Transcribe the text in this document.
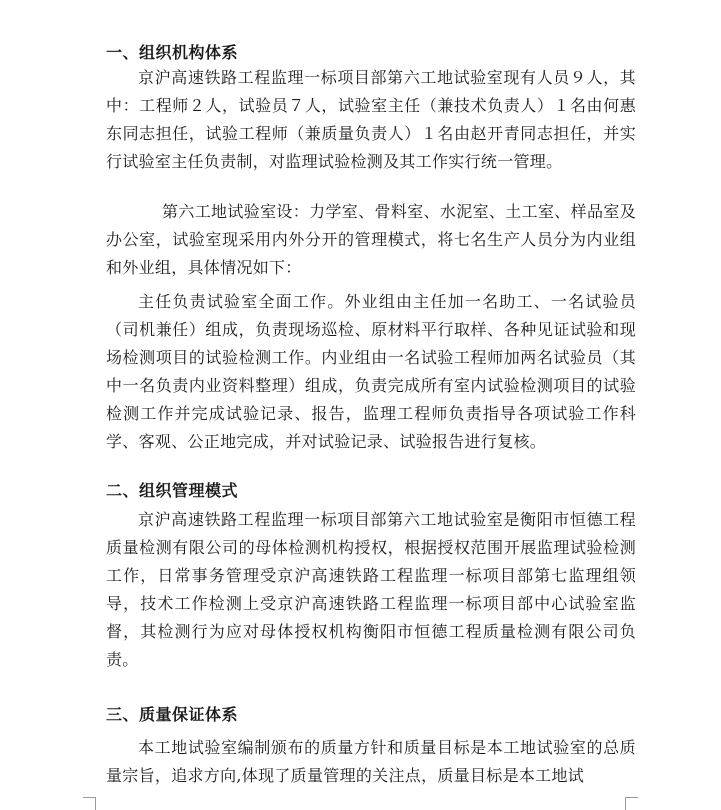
一、组织机构体系
京沪高速铁路工程监理一标项目部第六工地试验室现有人员９人，其中：工程师２人，试验员７人，试验室主任（兼技术负责人）１名由何惠东同志担任，试验工程师（兼质量负责人）１名由赵开青同志担任，并实行试验室主任负责制，对监理试验检测及其工作实行统一管理。
第六工地试验室设：力学室、骨料室、水泥室、土工室、样品室及办公室，试验室现采用内外分开的管理模式，将七名生产人员分为内业组和外业组，具体情况如下：
主任负责试验室全面工作。外业组由主任加一名助工、一名试验员（司机兼任）组成，负责现场巡检、原材料平行取样、各种见证试验和现场检测项目的试验检测工作。内业组由一名试验工程师加两名试验员（其中一名负责内业资料整理）组成，负责完成所有室内试验检测项目的试验检测工作并完成试验记录、报告，监理工程师负责指导各项试验工作科学、客观、公正地完成，并对试验记录、试验报告进行复核。
二、组织管理模式
京沪高速铁路工程监理一标项目部第六工地试验室是衡阳市恒德工程质量检测有限公司的母体检测机构授权，根据授权范围开展监理试验检测工作，日常事务管理受京沪高速铁路工程监理一标项目部第七监理组领导，技术工作检测上受京沪高速铁路工程监理一标项目部中心试验室监督，其检测行为应对母体授权机构衡阳市恒德工程质量检测有限公司负责。
三、质量保证体系
本工地试验室编制颁布的质量方针和质量目标是本工地试验室的总质量宗旨，追求方向,体现了质量管理的关注点，质量目标是本工地试
